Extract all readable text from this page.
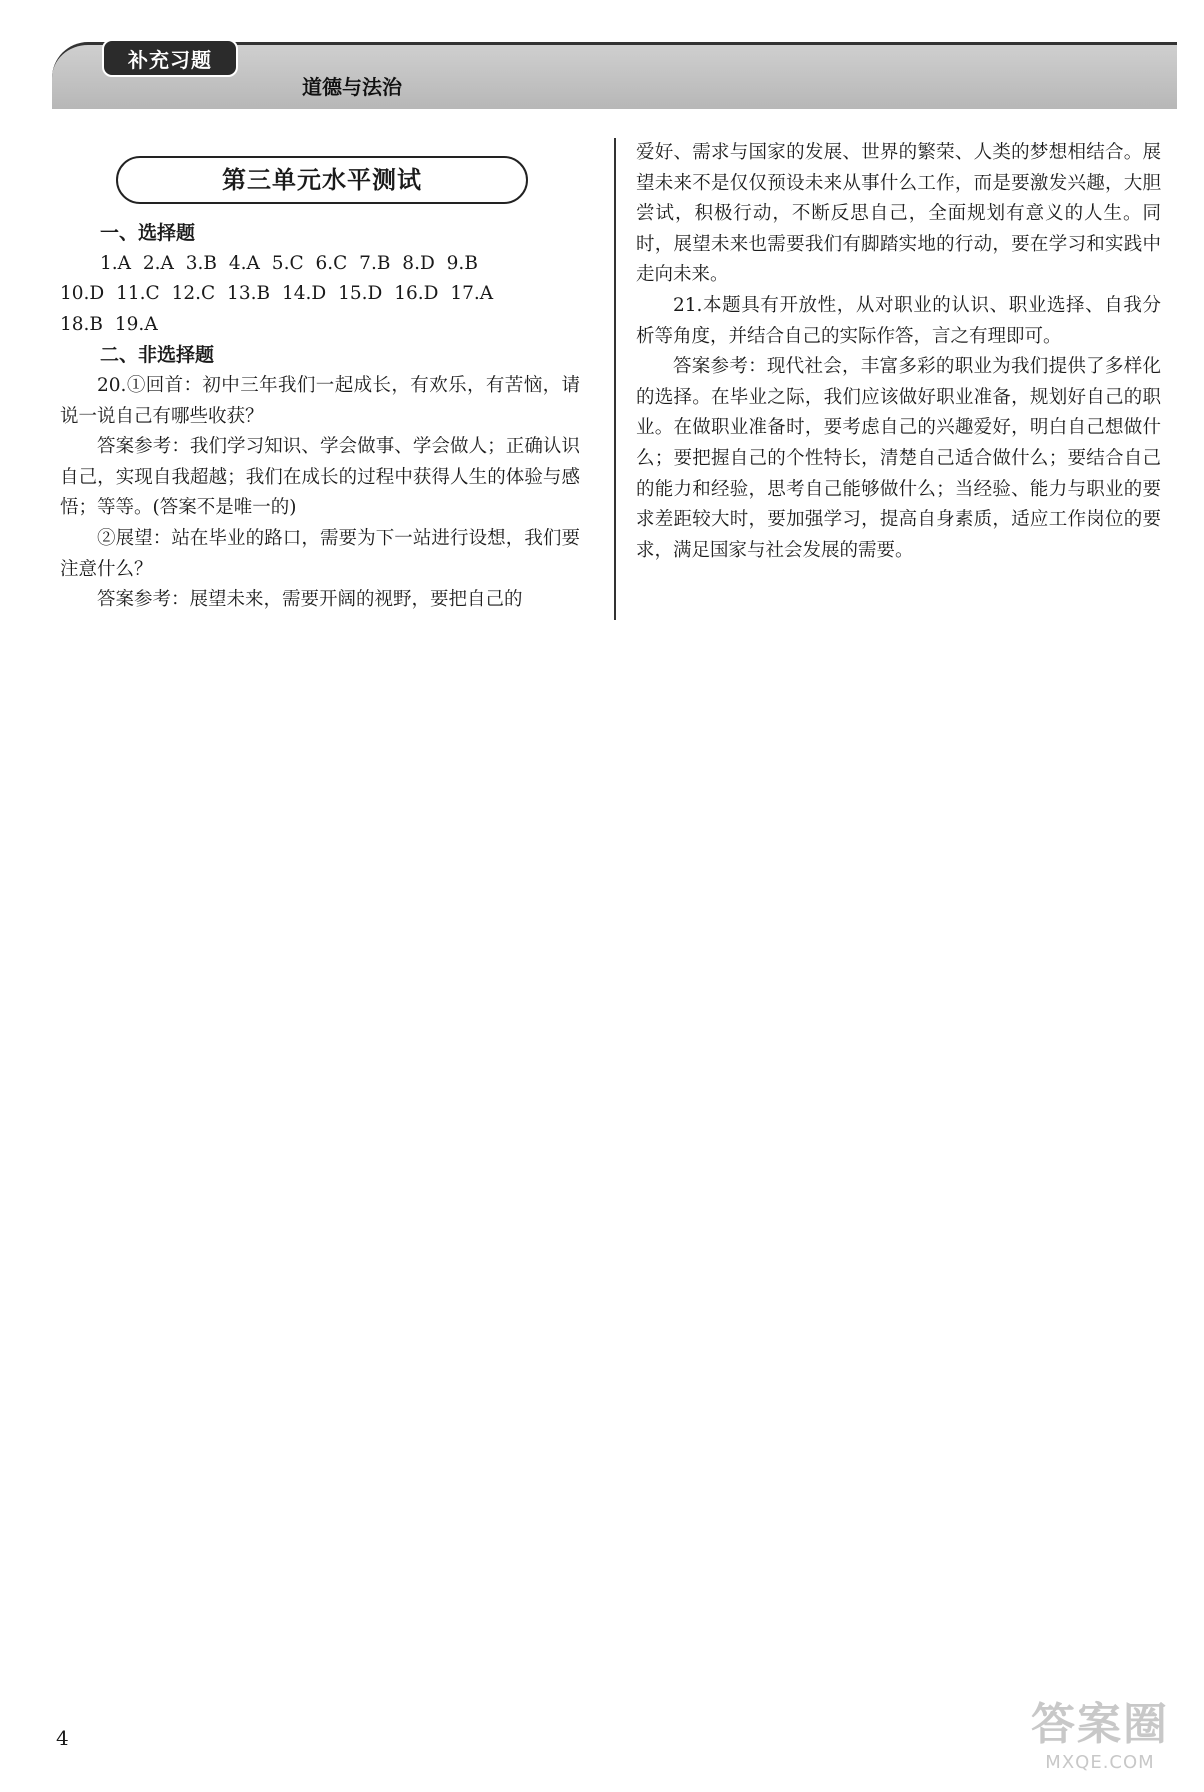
补充习题
道德与法治
第三单元水平测试
一、选择题
1.A 2.A 3.B 4.A 5.C 6.C 7.B 8.D 9.B
10.D 11.C 12.C 13.B 14.D 15.D 16.D 17.A
18.B 19.A
二、非选择题

20.①回首：初中三年我们一起成长，有欢乐，有苦恼，请说一说自己有哪些收获？

答案参考：我们学习知识、学会做事、学会做人；正确认识自己，实现自我超越；我们在成长的过程中获得人生的体验与感悟；等等。(答案不是唯一的)

②展望：站在毕业的路口，需要为下一站进行设想，我们要注意什么？

答案参考：展望未来，需要开阔的视野，要把自己的

爱好、需求与国家的发展、世界的繁荣、人类的梦想相结合。展望未来不是仅仅预设未来从事什么工作，而是要激发兴趣，大胆尝试，积极行动，不断反思自己，全面规划有意义的人生。同时，展望未来也需要我们有脚踏实地的行动，要在学习和实践中走向未来。

21.本题具有开放性，从对职业的认识、职业选择、自我分析等角度，并结合自己的实际作答，言之有理即可。

答案参考：现代社会，丰富多彩的职业为我们提供了多样化的选择。在毕业之际，我们应该做好职业准备，规划好自己的职业。在做职业准备时，要考虑自己的兴趣爱好，明白自己想做什么；要把握自己的个性特长，清楚自己适合做什么；要结合自己的能力和经验，思考自己能够做什么；当经验、能力与职业的要求差距较大时，要加强学习，提高自身素质，适应工作岗位的要求，满足国家与社会发展的需要。

4	答案圈
MXQE.COM
